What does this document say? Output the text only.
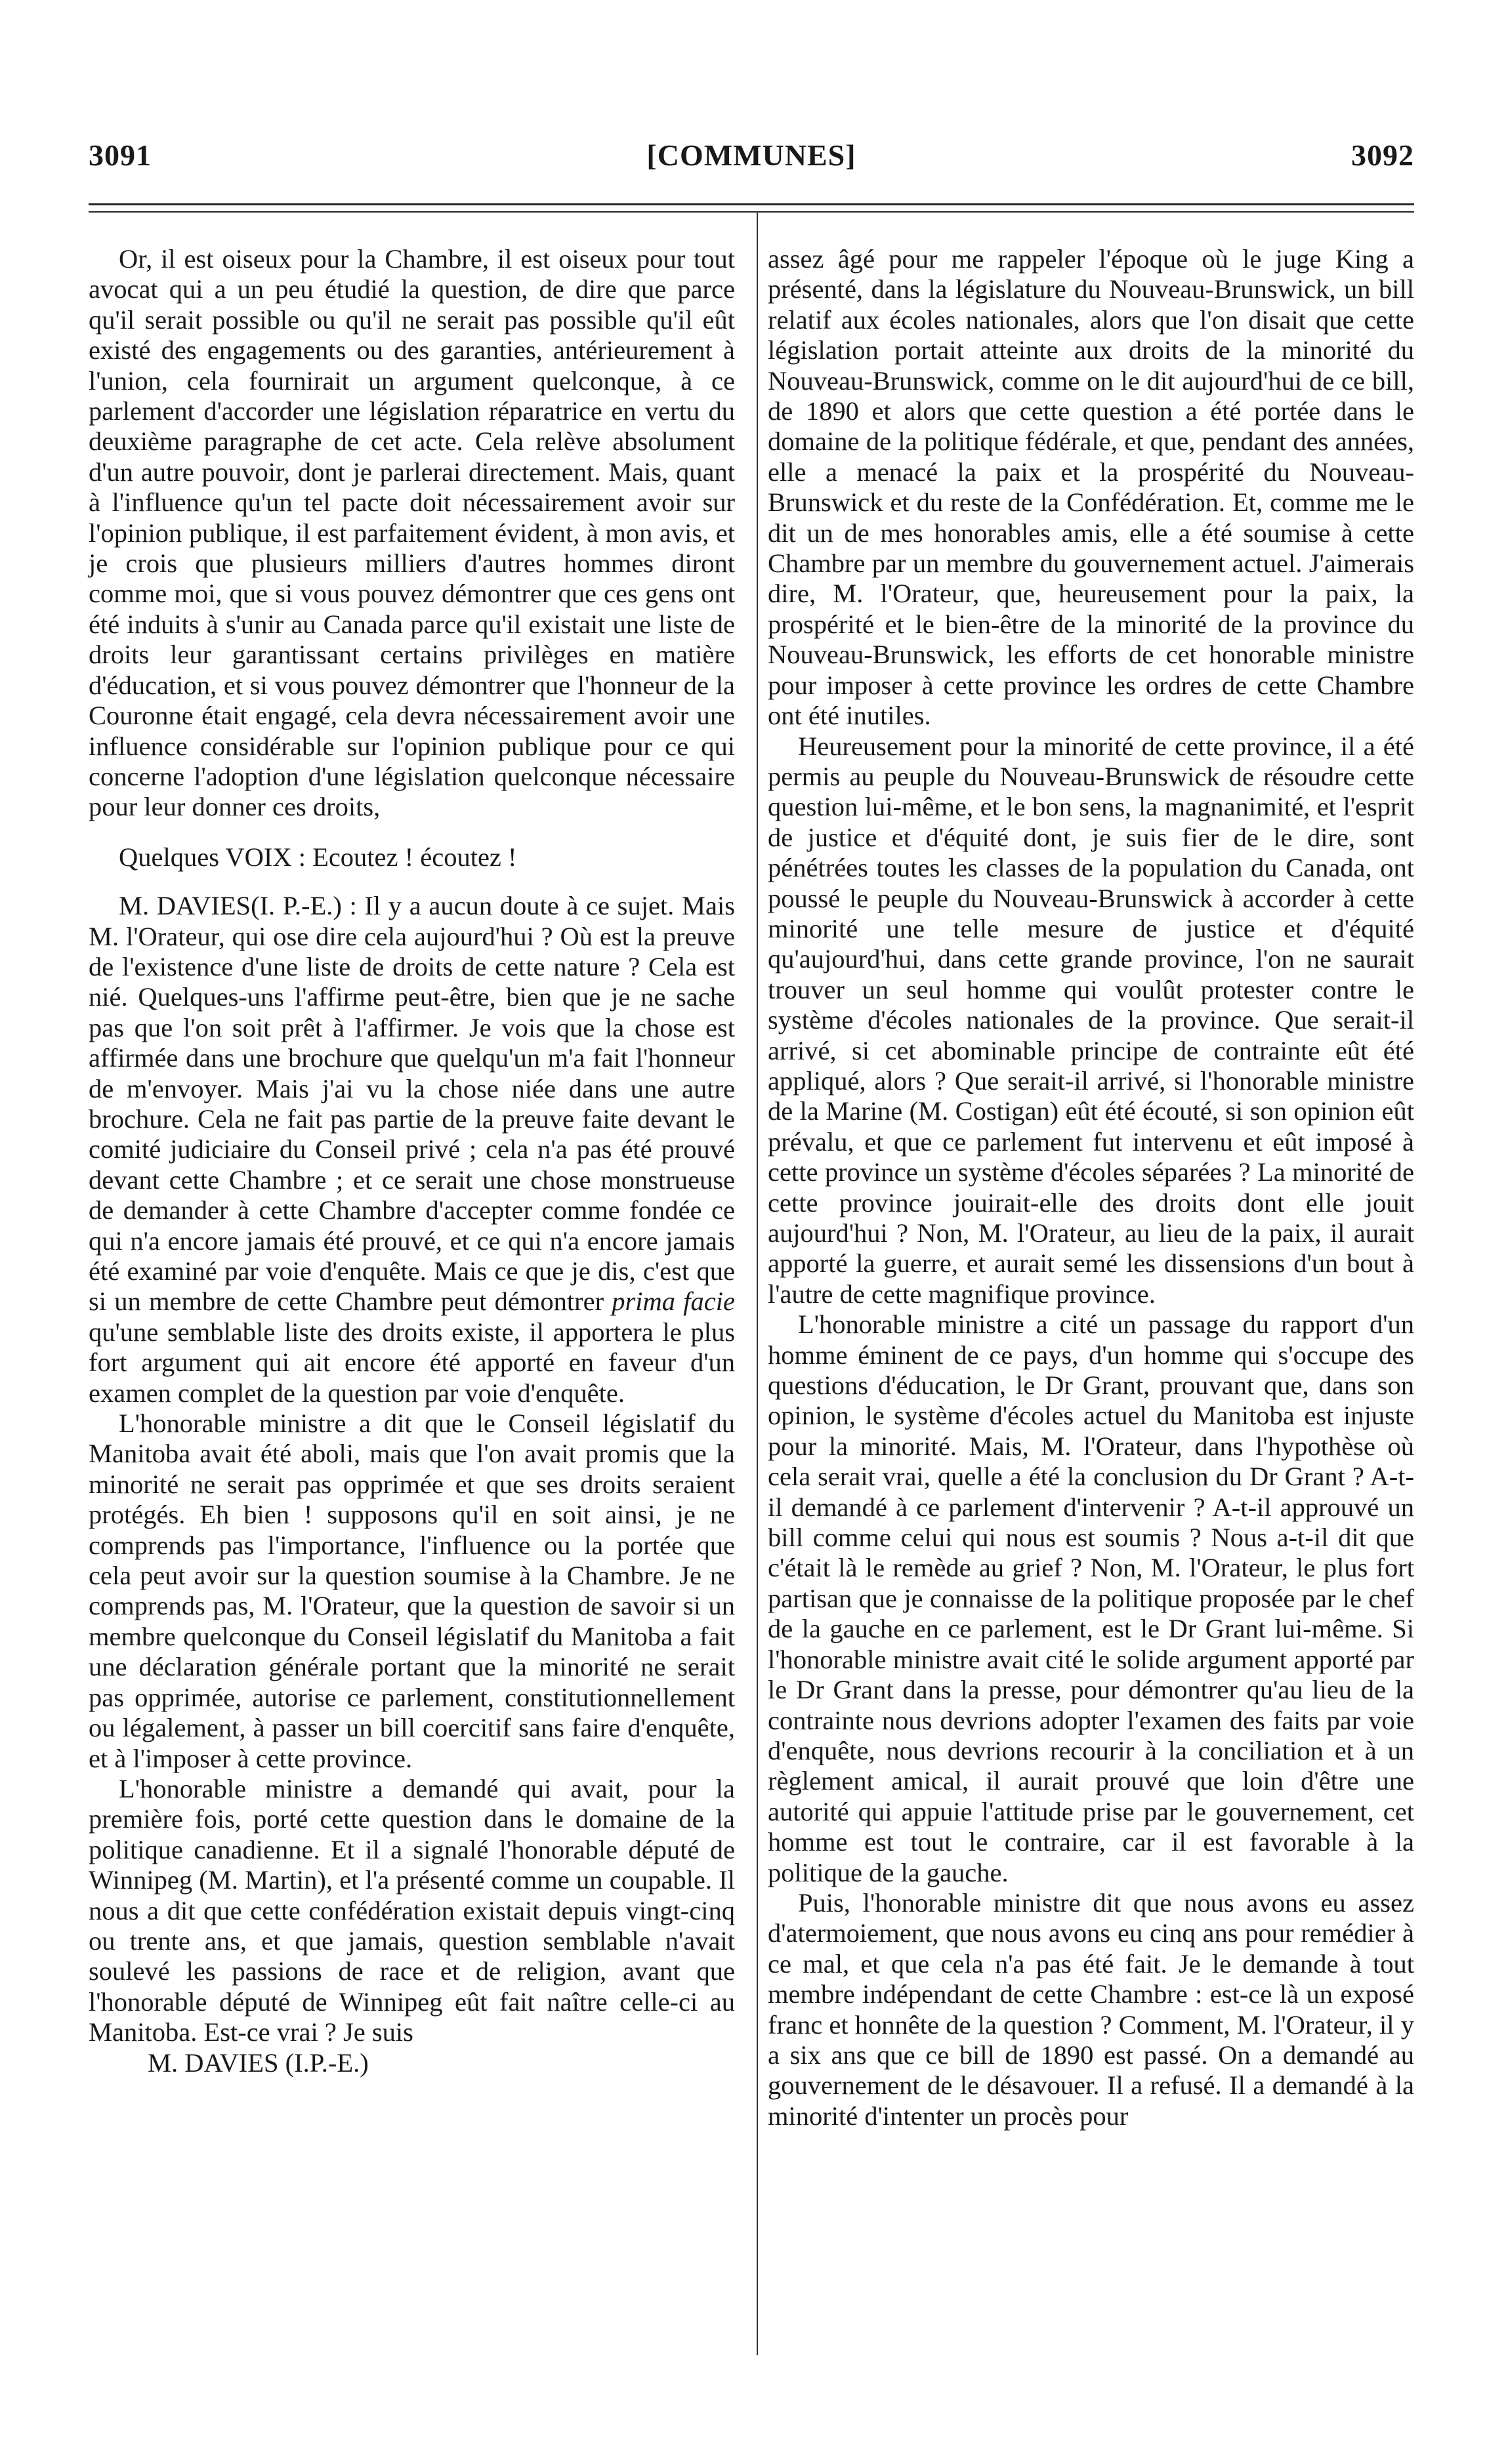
3091	[COMMUNES]	3092

Or, il est oiseux pour la Chambre, il est oiseux pour tout avocat qui a un peu étudié la question, de dire que parce qu'il serait possible ou qu'il ne serait pas possible qu'il eût existé des engagements ou des garanties, antérieurement à l'union, cela fournirait un argument quelconque, à ce parlement d'accorder une législation réparatrice en vertu du deuxième paragraphe de cet acte. Cela relève absolument d'un autre pouvoir, dont je parlerai directement. Mais, quant à l'influence qu'un tel pacte doit nécessairement avoir sur l'opinion publique, il est parfaitement évident, à mon avis, et je crois que plusieurs milliers d'autres hommes diront comme moi, que si vous pouvez démontrer que ces gens ont été induits à s'unir au Canada parce qu'il existait une liste de droits leur garantissant certains privilèges en matière d'éducation, et si vous pouvez démontrer que l'honneur de la Couronne était engagé, cela devra nécessairement avoir une influence considérable sur l'opinion publique pour ce qui concerne l'adoption d'une législation quelconque nécessaire pour leur donner ces droits,

Quelques VOIX : Ecoutez ! écoutez !

M. DAVIES(I. P.-E.) : Il y a aucun doute à ce sujet. Mais M. l'Orateur, qui ose dire cela aujourd'hui ? Où est la preuve de l'existence d'une liste de droits de cette nature ? Cela est nié. Quelques-uns l'affirme peut-être, bien que je ne sache pas que l'on soit prêt à l'affirmer. Je vois que la chose est affirmée dans une brochure que quelqu'un m'a fait l'honneur de m'envoyer. Mais j'ai vu la chose niée dans une autre brochure. Cela ne fait pas partie de la preuve faite devant le comité judiciaire du Conseil privé ; cela n'a pas été prouvé devant cette Chambre ; et ce serait une chose monstrueuse de demander à cette Chambre d'accepter comme fondée ce qui n'a encore jamais été prouvé, et ce qui n'a encore jamais été examiné par voie d'enquête. Mais ce que je dis, c'est que si un membre de cette Chambre peut démontrer prima facie qu'une semblable liste des droits existe, il apportera le plus fort argument qui ait encore été apporté en faveur d'un examen complet de la question par voie d'enquête.

L'honorable ministre a dit que le Conseil législatif du Manitoba avait été aboli, mais que l'on avait promis que la minorité ne serait pas opprimée et que ses droits seraient protégés. Eh bien ! supposons qu'il en soit ainsi, je ne comprends pas l'importance, l'influence ou la portée que cela peut avoir sur la question soumise à la Chambre. Je ne comprends pas, M. l'Orateur, que la question de savoir si un membre quelconque du Conseil législatif du Manitoba a fait une déclaration générale portant que la minorité ne serait pas opprimée, autorise ce parlement, constitutionnellement ou légalement, à passer un bill coercitif sans faire d'enquête, et à l'imposer à cette province.

L'honorable ministre a demandé qui avait, pour la première fois, porté cette question dans le domaine de la politique canadienne. Et il a signalé l'honorable député de Winnipeg (M. Martin), et l'a présenté comme un coupable. Il nous a dit que cette confédération existait depuis vingt-cinq ou trente ans, et que jamais, question semblable n'avait soulevé les passions de race et de religion, avant que l'honorable député de Winnipeg eût fait naître celle-ci au Manitoba. Est-ce vrai ? Je suis

M. DAVIES (I.P.-E.)

assez âgé pour me rappeler l'époque où le juge King a présenté, dans la législature du Nouveau-Brunswick, un bill relatif aux écoles nationales, alors que l'on disait que cette législation portait atteinte aux droits de la minorité du Nouveau-Brunswick, comme on le dit aujourd'hui de ce bill, de 1890 et alors que cette question a été portée dans le domaine de la politique fédérale, et que, pendant des années, elle a menacé la paix et la prospérité du Nouveau-Brunswick et du reste de la Confédération. Et, comme me le dit un de mes honorables amis, elle a été soumise à cette Chambre par un membre du gouvernement actuel. J'aimerais dire, M. l'Orateur, que, heureusement pour la paix, la prospérité et le bien-être de la minorité de la province du Nouveau-Brunswick, les efforts de cet honorable ministre pour imposer à cette province les ordres de cette Chambre ont été inutiles.

Heureusement pour la minorité de cette province, il a été permis au peuple du Nouveau-Brunswick de résoudre cette question lui-même, et le bon sens, la magnanimité, et l'esprit de justice et d'équité dont, je suis fier de le dire, sont pénétrées toutes les classes de la population du Canada, ont poussé le peuple du Nouveau-Brunswick à accorder à cette minorité une telle mesure de justice et d'équité qu'aujourd'hui, dans cette grande province, l'on ne saurait trouver un seul homme qui voulût protester contre le système d'écoles nationales de la province. Que serait-il arrivé, si cet abominable principe de contrainte eût été appliqué, alors ? Que serait-il arrivé, si l'honorable ministre de la Marine (M. Costigan) eût été écouté, si son opinion eût prévalu, et que ce parlement fut intervenu et eût imposé à cette province un système d'écoles séparées ? La minorité de cette province jouirait-elle des droits dont elle jouit aujourd'hui ? Non, M. l'Orateur, au lieu de la paix, il aurait apporté la guerre, et aurait semé les dissensions d'un bout à l'autre de cette magnifique province.

L'honorable ministre a cité un passage du rapport d'un homme éminent de ce pays, d'un homme qui s'occupe des questions d'éducation, le Dr Grant, prouvant que, dans son opinion, le système d'écoles actuel du Manitoba est injuste pour la minorité. Mais, M. l'Orateur, dans l'hypothèse où cela serait vrai, quelle a été la conclusion du Dr Grant ? A-t-il demandé à ce parlement d'intervenir ? A-t-il approuvé un bill comme celui qui nous est soumis ? Nous a-t-il dit que c'était là le remède au grief ? Non, M. l'Orateur, le plus fort partisan que je connaisse de la politique proposée par le chef de la gauche en ce parlement, est le Dr Grant lui-même. Si l'honorable ministre avait cité le solide argument apporté par le Dr Grant dans la presse, pour démontrer qu'au lieu de la contrainte nous devrions adopter l'examen des faits par voie d'enquête, nous devrions recourir à la conciliation et à un règlement amical, il aurait prouvé que loin d'être une autorité qui appuie l'attitude prise par le gouvernement, cet homme est tout le contraire, car il est favorable à la politique de la gauche.

Puis, l'honorable ministre dit que nous avons eu assez d'atermoiement, que nous avons eu cinq ans pour remédier à ce mal, et que cela n'a pas été fait. Je le demande à tout membre indépendant de cette Chambre : est-ce là un exposé franc et honnête de la question ? Comment, M. l'Orateur, il y a six ans que ce bill de 1890 est passé. On a demandé au gouvernement de le désavouer. Il a refusé. Il a demandé à la minorité d'intenter un procès pour
